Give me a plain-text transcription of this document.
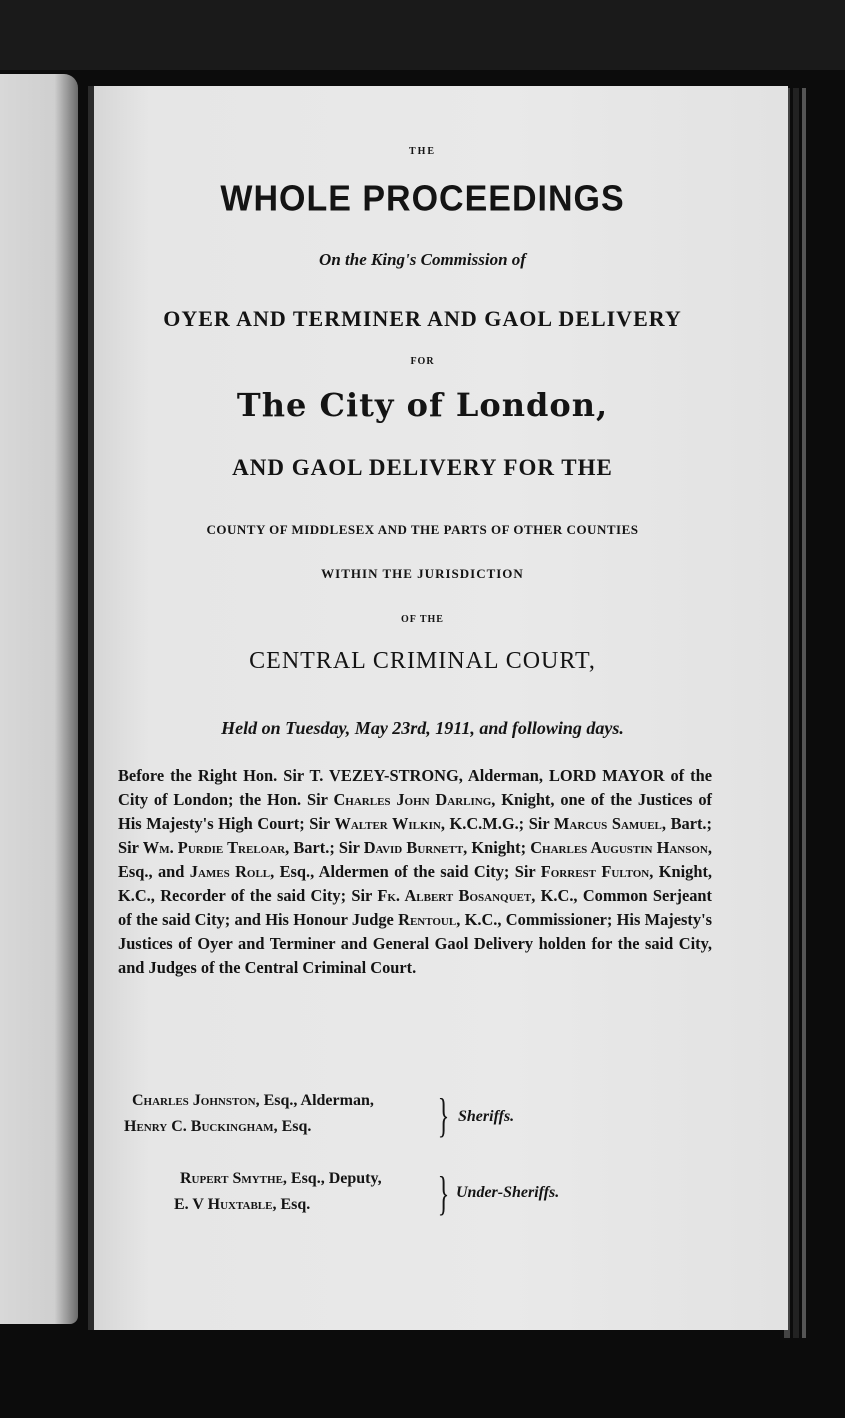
THE

WHOLE PROCEEDINGS

On the King's Commission of

OYER AND TERMINER AND GAOL DELIVERY

FOR

The City of London,

AND GAOL DELIVERY FOR THE

COUNTY OF MIDDLESEX AND THE PARTS OF OTHER COUNTIES

WITHIN THE JURISDICTION

OF THE

CENTRAL CRIMINAL COURT,

Held on Tuesday, May 23rd, 1911, and following days.

Before the Right Hon. Sir T. VEZEY-STRONG, Alderman, LORD MAYOR of the City of London; the Hon. Sir Charles John Darling, Knight, one of the Justices of His Majesty's High Court; Sir Walter Wilkin, K.C.M.G.; Sir Marcus Samuel, Bart.; Sir Wm. Purdie Treloar, Bart.; Sir David Burnett, Knight; Charles Augustin Hanson, Esq., and James Roll, Esq., Aldermen of the said City; Sir Forrest Fulton, Knight, K.C., Recorder of the said City; Sir Fk. Albert Bosanquet, K.C., Common Serjeant of the said City; and His Honour Judge Rentoul, K.C., Commissioner; His Majesty's Justices of Oyer and Terminer and General Gaol Delivery holden for the said City, and Judges of the Central Criminal Court.

Charles Johnston, Esq., Alderman,

Henry C. Buckingham, Esq.	} Sheriffs.

Rupert Smythe, Esq., Deputy,

E. V Huxtable, Esq.	} Under-Sheriffs.
